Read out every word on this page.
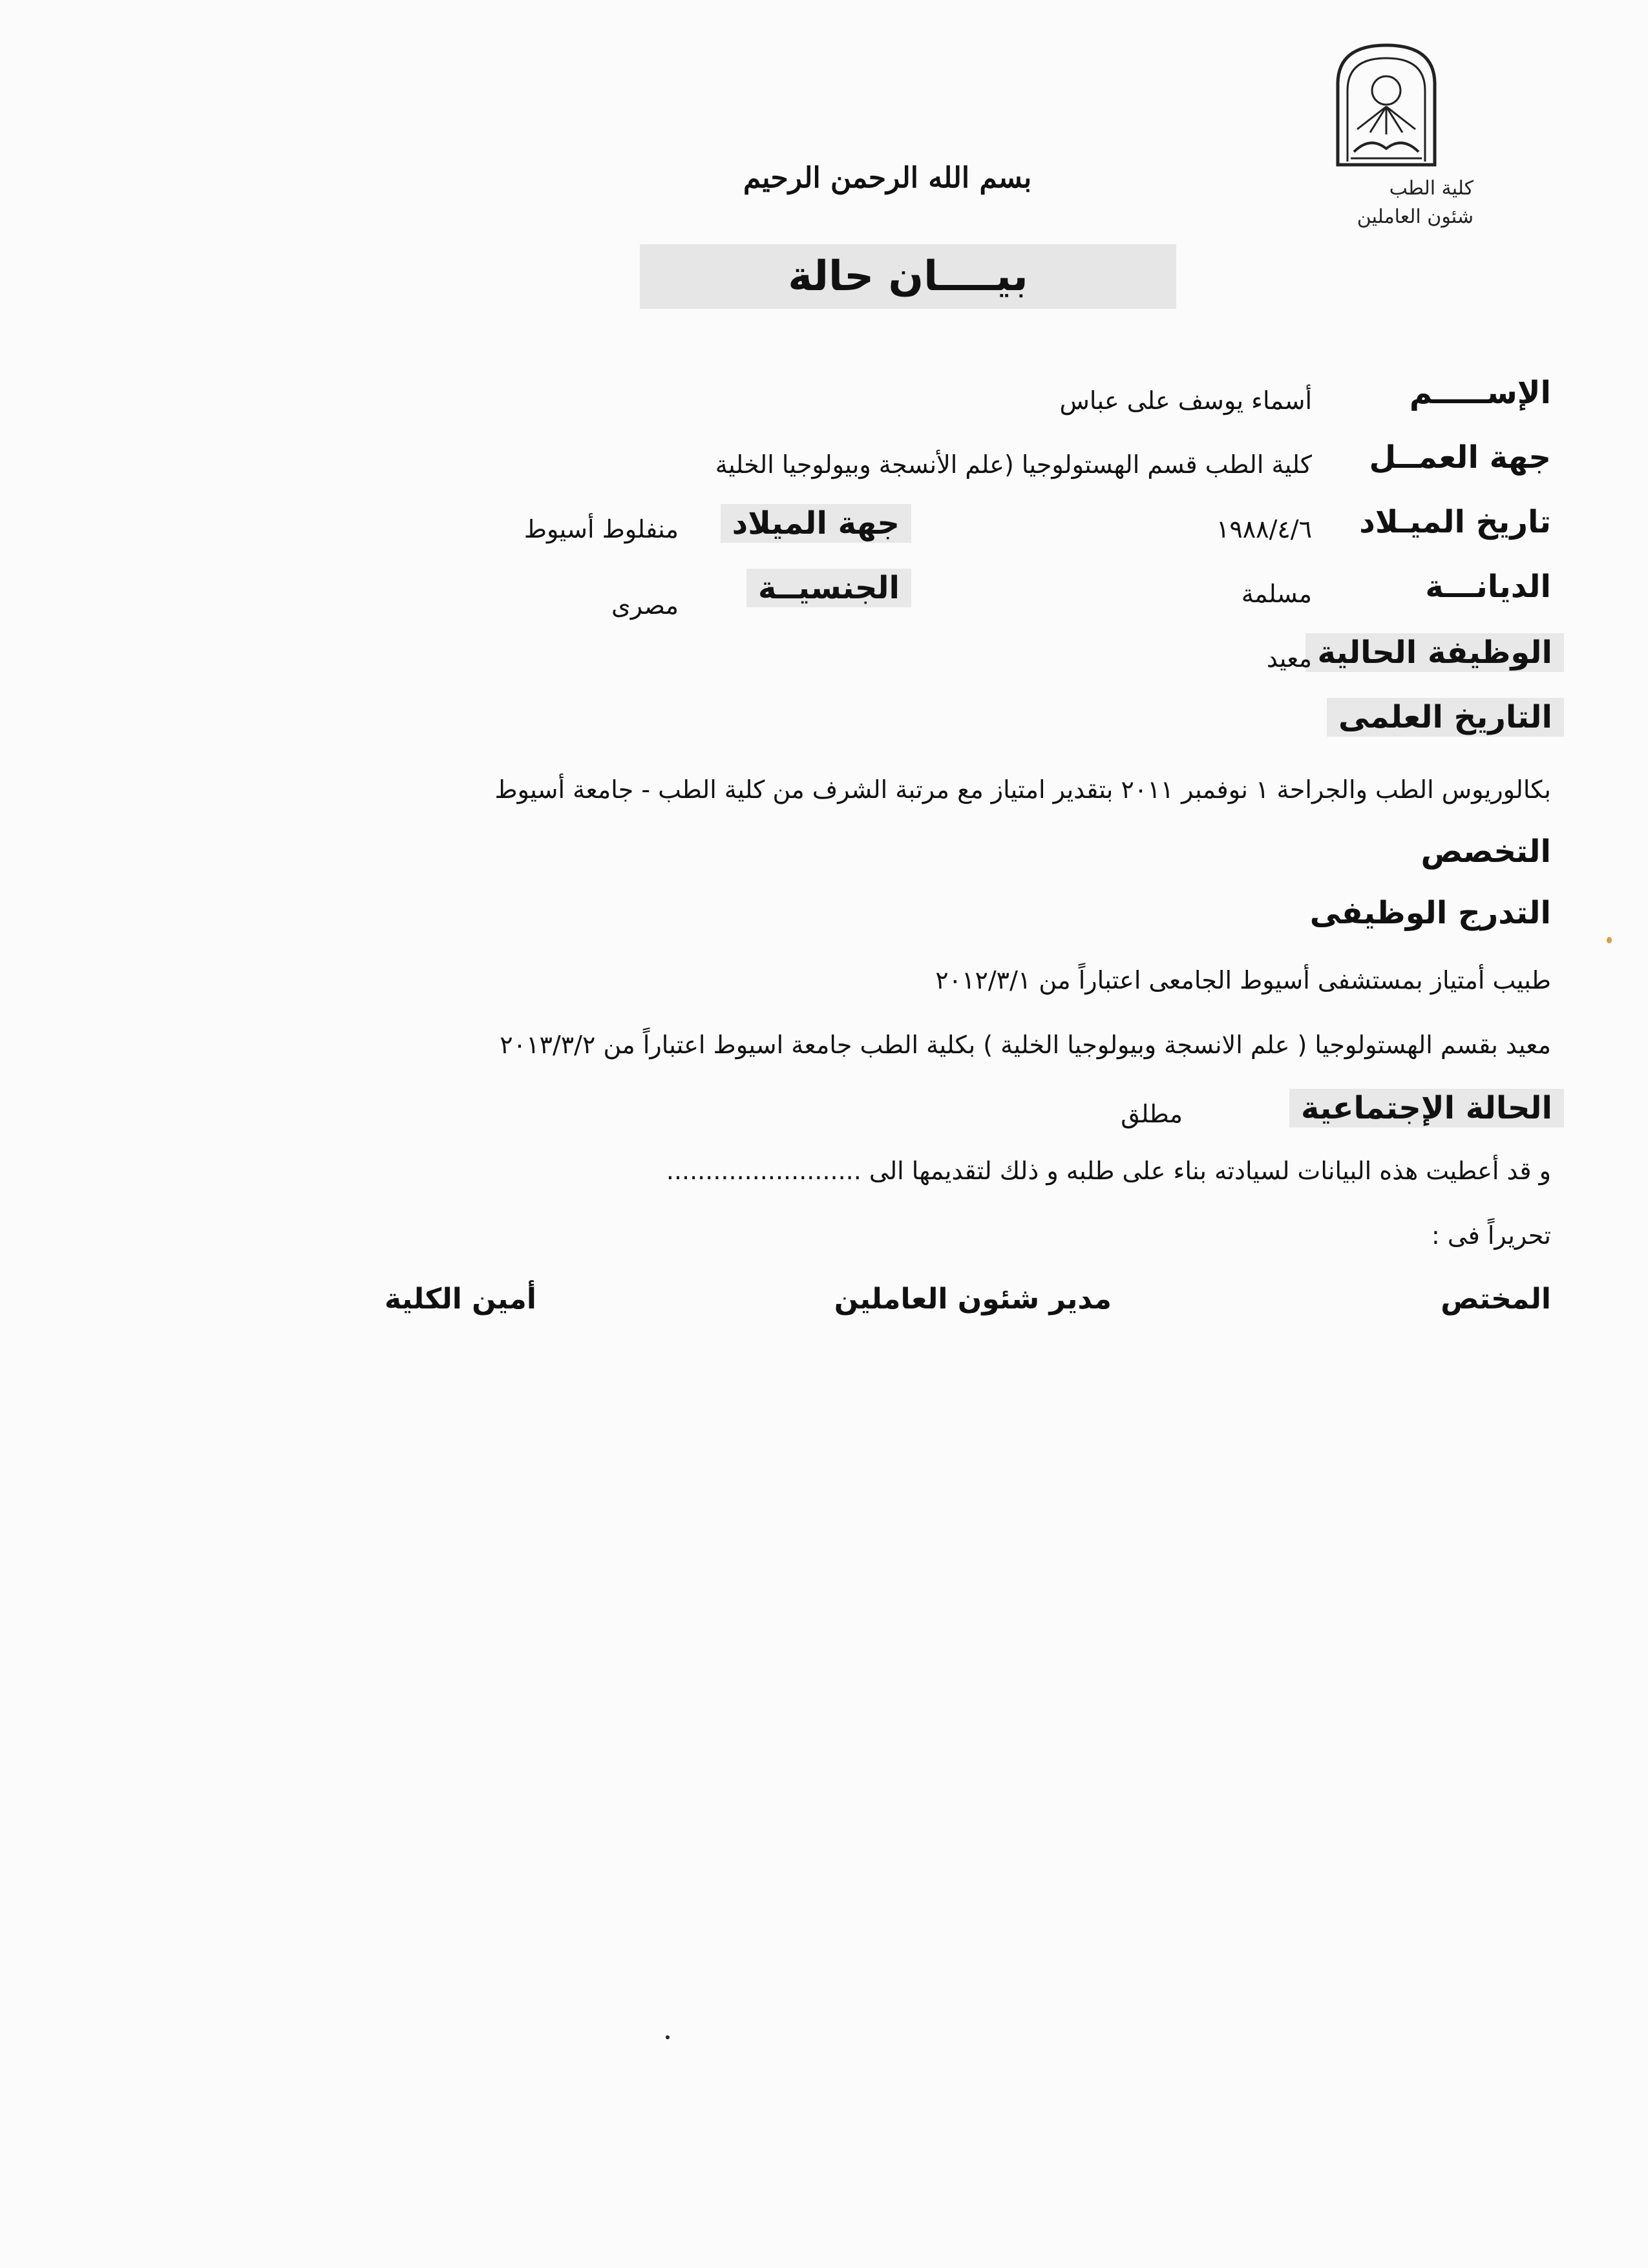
كلية الطب
شئون العاملين
بسم الله الرحمن الرحيم
بيــــان حالة
الإســـــم
أسماء يوسف على عباس
جهة العمــل
كلية الطب قسم الهستولوجيا (علم الأنسجة وبيولوجيا الخلية
تاريخ الميـلاد
١٩٨٨/٤/٦
جهة الميلاد
منفلوط أسيوط
الديانـــة
مسلمة
الجنسيــة
مصرى
الوظيفة الحالية
معيد
التاريخ العلمى
بكالوريوس الطب والجراحة ١ نوفمبر ٢٠١١ بتقدير امتياز مع مرتبة الشرف من كلية الطب - جامعة أسيوط
التخصص
التدرج الوظيفى
طبيب أمتياز بمستشفى أسيوط الجامعى اعتباراً من ٢٠١٢/٣/١
معيد بقسم الهستولوجيا ( علم الانسجة وبيولوجيا الخلية ) بكلية الطب جامعة اسيوط اعتباراً من ٢٠١٣/٣/٢
الحالة الإجتماعية
مطلق
و قد أعطيت هذه البيانات لسيادته بناء على طلبه و ذلك لتقديمها الى .........................
تحريراً فى :
المختص
مدير شئون العاملين
أمين الكلية
